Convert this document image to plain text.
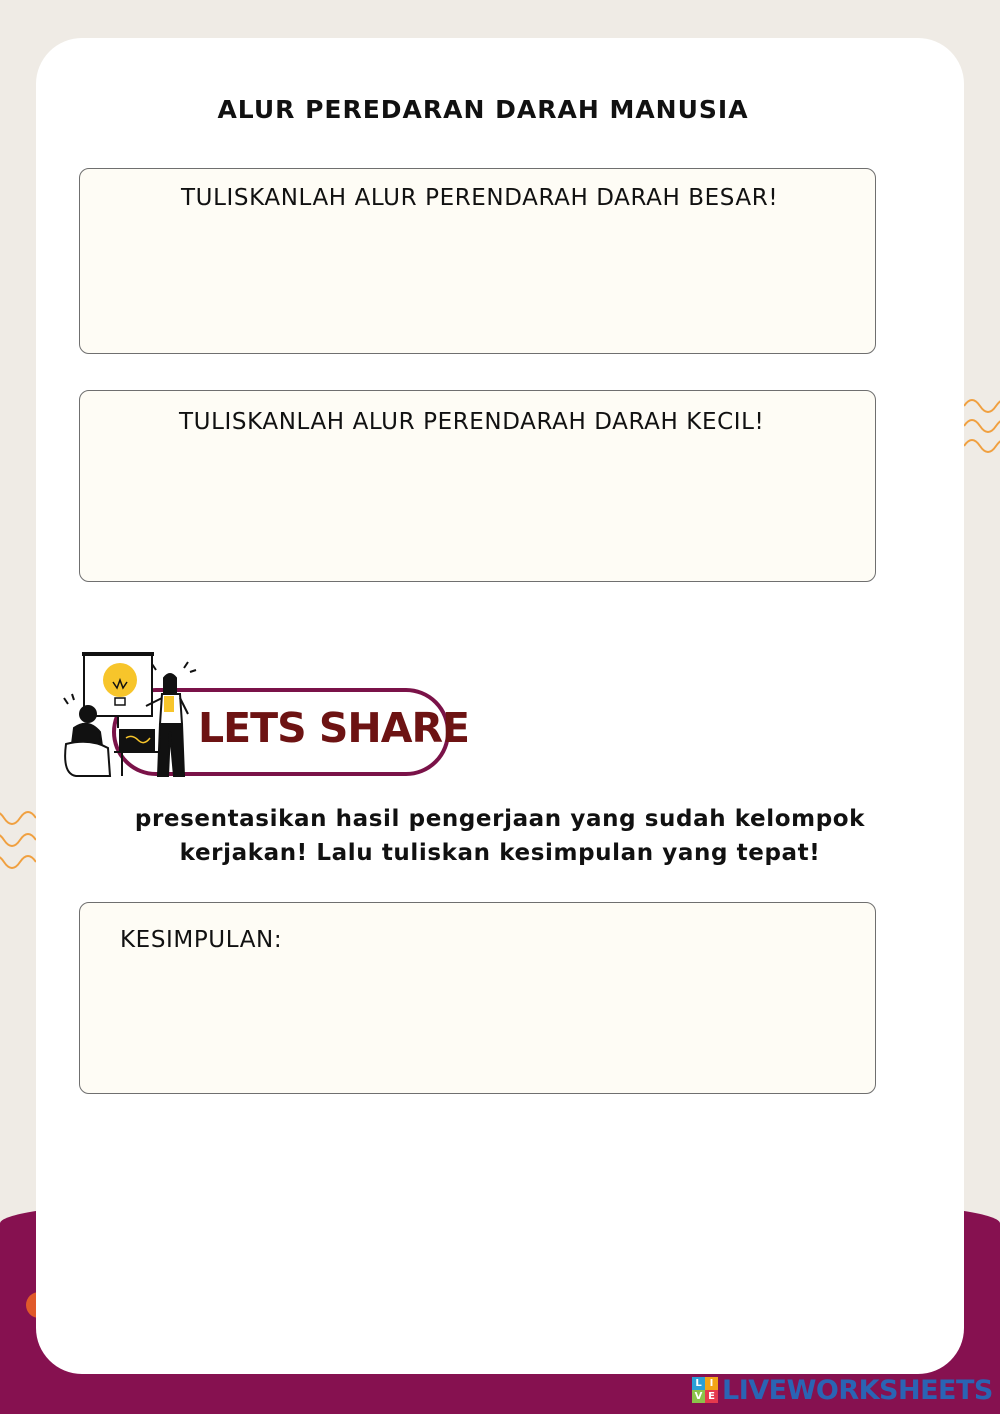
ALUR PEREDARAN DARAH MANUSIA
TULISKANLAH ALUR PERENDARAH DARAH BESAR!
TULISKANLAH ALUR PERENDARAH DARAH KECIL!
LETS SHARE
presentasikan hasil pengerjaan yang sudah kelompok
kerjakan! Lalu tuliskan kesimpulan yang tepat!
KESIMPULAN:
L I
V E LIVEWORKSHEETS
